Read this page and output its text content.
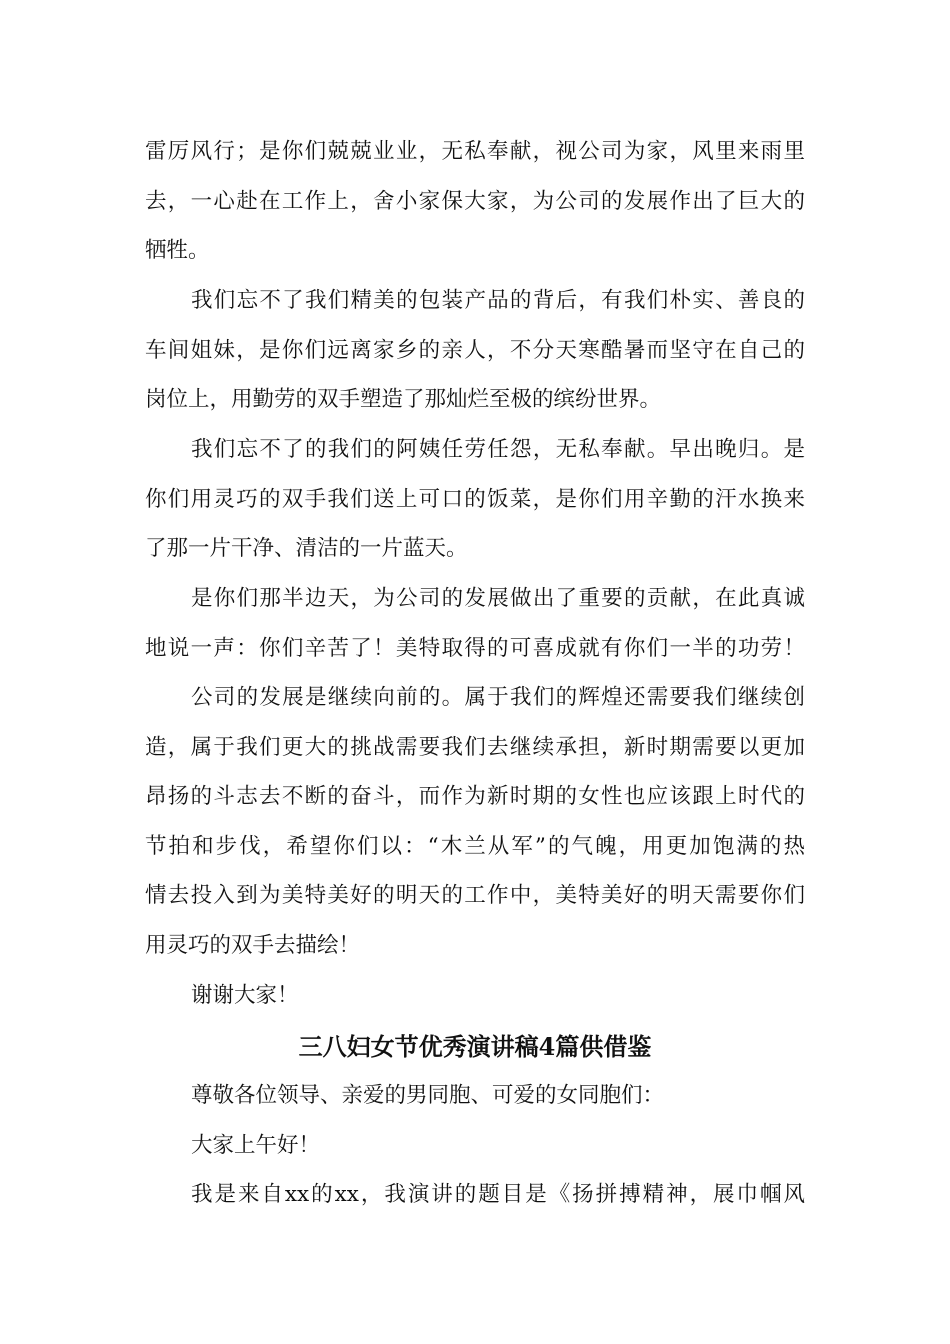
雷厉风行；是你们兢兢业业，无私奉献，视公司为家，风里来雨里
去，一心赴在工作上，舍小家保大家，为公司的发展作出了巨大的
牺牲。
我们忘不了我们精美的包装产品的背后，有我们朴实、善良的
车间姐妹，是你们远离家乡的亲人，不分天寒酷暑而坚守在自己的
岗位上，用勤劳的双手塑造了那灿烂至极的缤纷世界。
我们忘不了的我们的阿姨任劳任怨，无私奉献。早出晚归。是
你们用灵巧的双手我们送上可口的饭菜，是你们用辛勤的汗水换来
了那一片干净、清洁的一片蓝天。
是你们那半边天，为公司的发展做出了重要的贡献，在此真诚
地说一声：你们辛苦了！美特取得的可喜成就有你们一半的功劳！
公司的发展是继续向前的。属于我们的辉煌还需要我们继续创
造，属于我们更大的挑战需要我们去继续承担，新时期需要以更加
昂扬的斗志去不断的奋斗，而作为新时期的女性也应该跟上时代的
节拍和步伐，希望你们以：“木兰从军”的气魄，用更加饱满的热
情去投入到为美特美好的明天的工作中，美特美好的明天需要你们
用灵巧的双手去描绘！
谢谢大家！
三八妇女节优秀演讲稿4篇供借鉴
尊敬各位领导、亲爱的男同胞、可爱的女同胞们：
大家上午好！
我是来自xx的xx，我演讲的题目是《扬拼搏精神，展巾帼风
